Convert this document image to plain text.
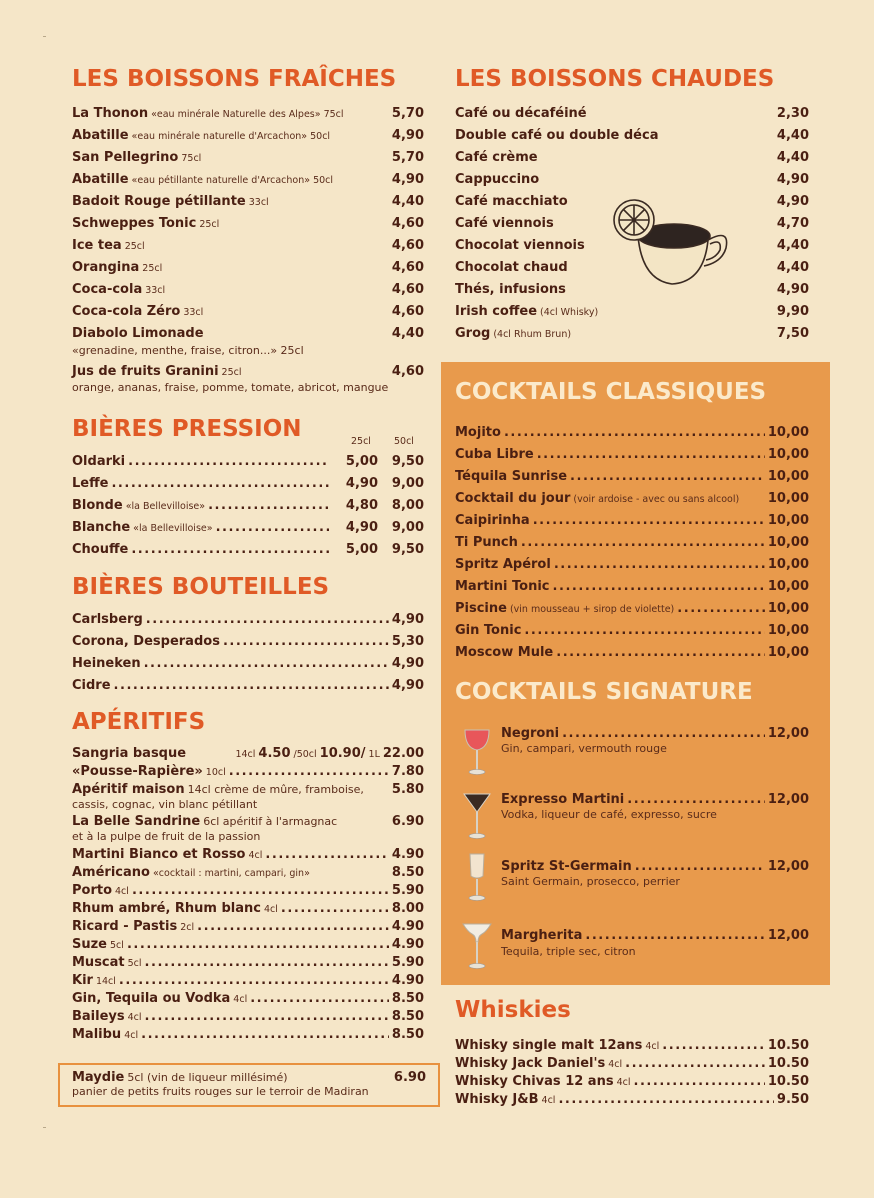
LES BOISSONS FRAÎCHES
La Thonon «eau minérale Naturelle des Alpes» 75cl	5,70
Abatille «eau minérale naturelle d'Arcachon» 50cl	4,90
San Pellegrino 75cl	5,70
Abatille «eau pétillante naturelle d'Arcachon» 50cl	4,90
Badoit Rouge pétillante 33cl	4,40
Schweppes Tonic 25cl	4,60
Ice tea 25cl	4,60
Orangina 25cl	4,60
Coca-cola 33cl	4,60
Coca-cola Zéro 33cl	4,60
Diabolo Limonade	4,40
«grenadine, menthe, fraise, citron...» 25cl
Jus de fruits Granini 25cl	4,60
orange, ananas, fraise, pomme, tomate, abricot, mangue
BIÈRES PRESSION	25cl 50cl
Oldarki . . .	5,00	9,50
Leffe . . .	4,90	9,00
Blonde «la Bellevilloise» . . .	4,80	8,00
Blanche «la Bellevilloise» . . .	4,90	9,00
Chouffe . . .	5,00	9,50
BIÈRES BOUTEILLES
Carlsberg . . .	4,90
Corona, Desperados . . .	5,30
Heineken . . .	4,90
Cidre . . .	4,90
APÉRITIFS
Sangria basque	14cl 4.50 /50cl 10.90/ 1L 22.00
«Pousse-Rapière» 10cl . . .	7.80
Apéritif maison 14cl crème de mûre, framboise, 5.80
cassis, cognac, vin blanc pétillant
La Belle Sandrine 6cl apéritif à l'armagnac	6.90
et à la pulpe de fruit de la passion
Martini Bianco et Rosso 4cl . . .	4.90
Américano «cocktail : martini, campari, gin»	8.50
Porto 4cl . . .	5.90
Rhum ambré, Rhum blanc 4cl . . .	8.00
Ricard - Pastis 2cl . . .	4.90
Suze 5cl . . .	4.90
Muscat 5cl . . .	5.90
Kir 14cl . . .	4.90
Gin, Tequila ou Vodka 4cl . . .	8.50
Baileys 4cl . . .	8.50
Malibu 4cl . . .	8.50
Maydie 5cl (vin de liqueur millésimé)	6.90
panier de petits fruits rouges sur le terroir de Madiran
LES BOISSONS CHAUDES
Café ou décaféiné	2,30
Double café ou double déca	4,40
Café crème	4,40
Cappuccino	4,90
Café macchiato	4,90
Café viennois	4,70
Chocolat viennois	4,40
Chocolat chaud	4,40
Thés, infusions	4,90
Irish coffee (4cl Whisky)	9,90
Grog (4cl Rhum Brun)	7,50
COCKTAILS CLASSIQUES
Mojito . . .	10,00
Cuba Libre . . .	10,00
Téquila Sunrise . . .	10,00
Cocktail du jour (voir ardoise - avec ou sans alcool) 10,00
Caipirinha . . .	10,00
Ti Punch . . .	10,00
Spritz Apérol . . .	10,00
Martini Tonic . . .	10,00
Piscine (vin mousseau + sirop de violette) . . .	10,00
Gin Tonic . . .	10,00
Moscow Mule . . .	10,00
COCKTAILS SIGNATURE
Negroni . . .	12,00
Gin, campari, vermouth rouge
Expresso Martini . . .	12,00
Vodka, liqueur de café, expresso, sucre
Spritz St-Germain . . .	12,00
Saint Germain, prosecco, perrier
Margherita . . .	12,00
Tequila, triple sec, citron
Whiskies
Whisky single malt 12ans 4cl . . .	10.50
Whisky Jack Daniel's 4cl . . .	10.50
Whisky Chivas 12 ans 4cl . . .	10.50
Whisky J&B 4cl . . .	9.50
